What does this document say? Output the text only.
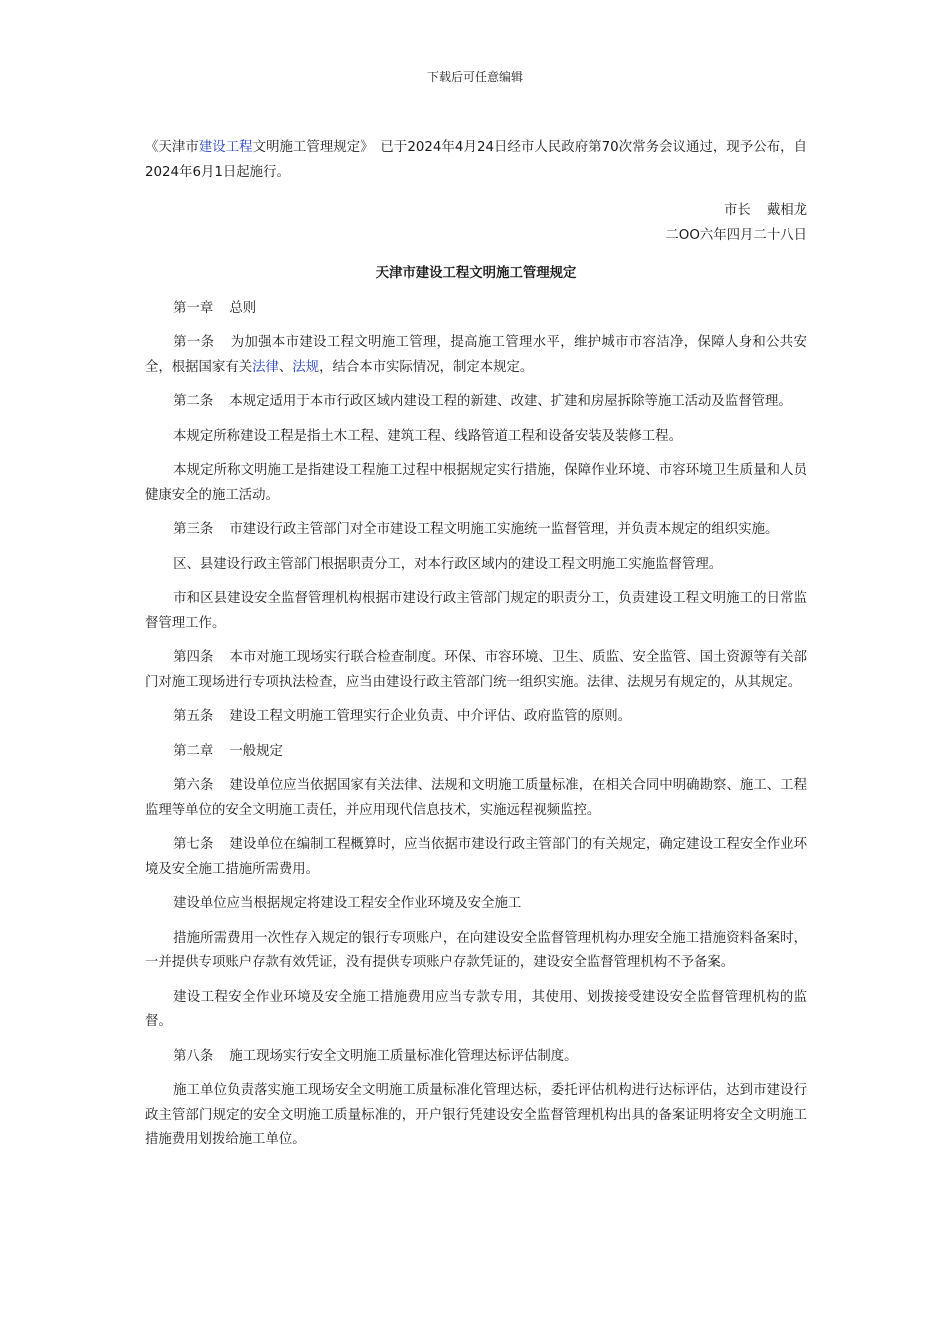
下载后可任意编辑

《天津市建设工程文明施工管理规定》　已于2024年4月24日经市人民政府第70次常务会议通过，现予公布，自2024年6月1日起施行。

市长 戴相龙

二OO六年四月二十八日

天津市建设工程文明施工管理规定

第一章 总则

第一条 为加强本市建设工程文明施工管理，提高施工管理水平，维护城市市容洁净，保障人身和公共安全，根据国家有关法律、法规，结合本市实际情况，制定本规定。

第二条 本规定适用于本市行政区域内建设工程的新建、改建、扩建和房屋拆除等施工活动及监督管理。

本规定所称建设工程是指土木工程、建筑工程、线路管道工程和设备安装及装修工程。

本规定所称文明施工是指建设工程施工过程中根据规定实行措施，保障作业环境、市容环境卫生质量和人员健康安全的施工活动。

第三条 市建设行政主管部门对全市建设工程文明施工实施统一监督管理，并负责本规定的组织实施。

区、县建设行政主管部门根据职责分工，对本行政区域内的建设工程文明施工实施监督管理。

市和区县建设安全监督管理机构根据市建设行政主管部门规定的职责分工，负责建设工程文明施工的日常监督管理工作。

第四条 本市对施工现场实行联合检查制度。环保、市容环境、卫生、质监、安全监管、国土资源等有关部门对施工现场进行专项执法检查，应当由建设行政主管部门统一组织实施。法律、法规另有规定的，从其规定。

第五条 建设工程文明施工管理实行企业负责、中介评估、政府监管的原则。

第二章 一般规定

第六条 建设单位应当依据国家有关法律、法规和文明施工质量标准，在相关合同中明确勘察、施工、工程监理等单位的安全文明施工责任，并应用现代信息技术，实施远程视频监控。

第七条 建设单位在编制工程概算时，应当依据市建设行政主管部门的有关规定，确定建设工程安全作业环境及安全施工措施所需费用。

建设单位应当根据规定将建设工程安全作业环境及安全施工

措施所需费用一次性存入规定的银行专项账户，在向建设安全监督管理机构办理安全施工措施资料备案时，一并提供专项账户存款有效凭证，没有提供专项账户存款凭证的，建设安全监督管理机构不予备案。

建设工程安全作业环境及安全施工措施费用应当专款专用，其使用、划拨接受建设安全监督管理机构的监督。

第八条 施工现场实行安全文明施工质量标准化管理达标评估制度。

施工单位负责落实施工现场安全文明施工质量标准化管理达标，委托评估机构进行达标评估，达到市建设行政主管部门规定的安全文明施工质量标准的，开户银行凭建设安全监督管理机构出具的备案证明将安全文明施工措施费用划拨给施工单位。
